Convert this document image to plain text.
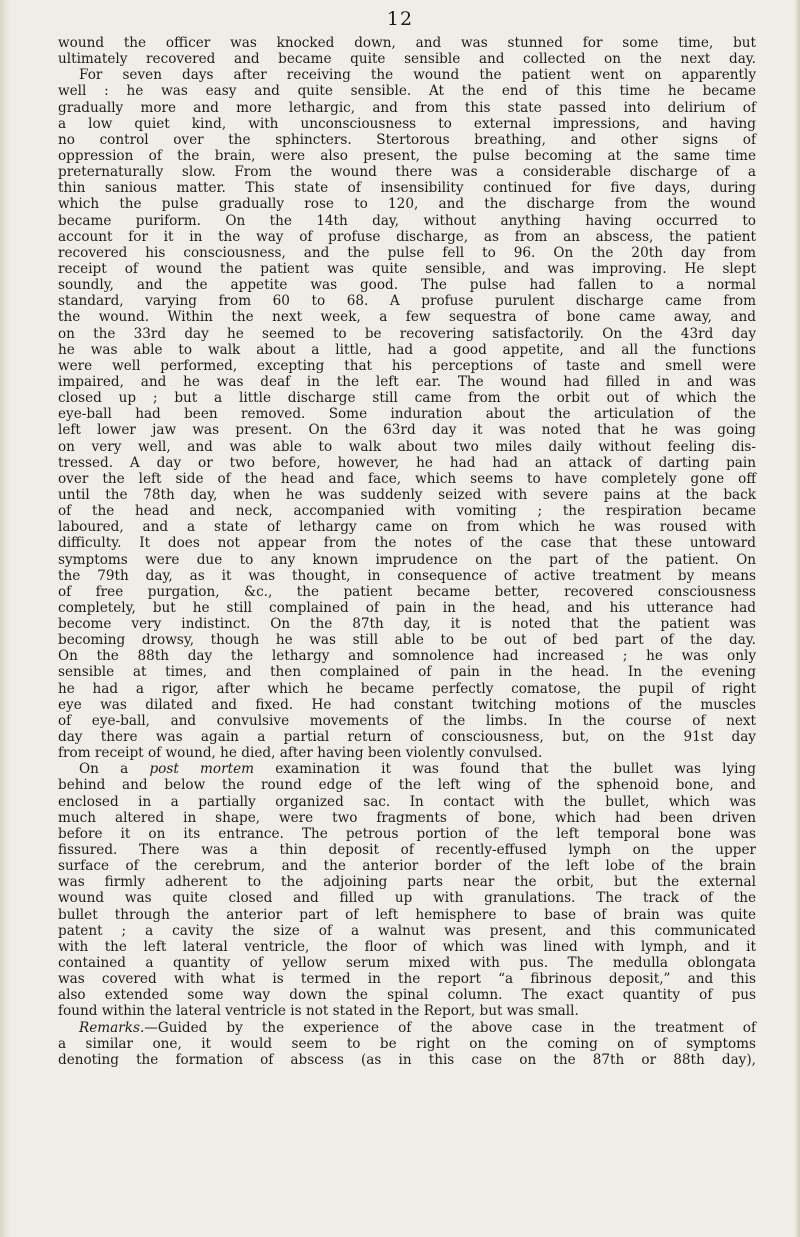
12
wound the officer was knocked down, and was stunned for some time, but
ultimately recovered and became quite sensible and collected on the next day.
For seven days after receiving the wound the patient went on apparently
well : he was easy and quite sensible. At the end of this time he became
gradually more and more lethargic, and from this state passed into delirium of
a low quiet kind, with unconsciousness to external impressions, and having
no control over the sphincters. Stertorous breathing, and other signs of
oppression of the brain, were also present, the pulse becoming at the same time
preternaturally slow. From the wound there was a considerable discharge of a
thin sanious matter. This state of insensibility continued for five days, during
which the pulse gradually rose to 120, and the discharge from the wound
became puriform. On the 14th day, without anything having occurred to
account for it in the way of profuse discharge, as from an abscess, the patient
recovered his consciousness, and the pulse fell to 96. On the 20th day from
receipt of wound the patient was quite sensible, and was improving. He slept
soundly, and the appetite was good. The pulse had fallen to a normal
standard, varying from 60 to 68. A profuse purulent discharge came from
the wound. Within the next week, a few sequestra of bone came away, and
on the 33rd day he seemed to be recovering satisfactorily. On the 43rd day
he was able to walk about a little, had a good appetite, and all the functions
were well performed, excepting that his perceptions of taste and smell were
impaired, and he was deaf in the left ear. The wound had filled in and was
closed up ; but a little discharge still came from the orbit out of which the
eye-ball had been removed. Some induration about the articulation of the
left lower jaw was present. On the 63rd day it was noted that he was going
on very well, and was able to walk about two miles daily without feeling dis-
tressed. A day or two before, however, he had had an attack of darting pain
over the left side of the head and face, which seems to have completely gone off
until the 78th day, when he was suddenly seized with severe pains at the back
of the head and neck, accompanied with vomiting ; the respiration became
laboured, and a state of lethargy came on from which he was roused with
difficulty. It does not appear from the notes of the case that these untoward
symptoms were due to any known imprudence on the part of the patient. On
the 79th day, as it was thought, in consequence of active treatment by means
of free purgation, &c., the patient became better, recovered consciousness
completely, but he still complained of pain in the head, and his utterance had
become very indistinct. On the 87th day, it is noted that the patient was
becoming drowsy, though he was still able to be out of bed part of the day.
On the 88th day the lethargy and somnolence had increased ; he was only
sensible at times, and then complained of pain in the head. In the evening
he had a rigor, after which he became perfectly comatose, the pupil of right
eye was dilated and fixed. He had constant twitching motions of the muscles
of eye-ball, and convulsive movements of the limbs. In the course of next
day there was again a partial return of consciousness, but, on the 91st day
from receipt of wound, he died, after having been violently convulsed.
On a post mortem examination it was found that the bullet was lying
behind and below the round edge of the left wing of the sphenoid bone, and
enclosed in a partially organized sac. In contact with the bullet, which was
much altered in shape, were two fragments of bone, which had been driven
before it on its entrance. The petrous portion of the left temporal bone was
fissured. There was a thin deposit of recently-effused lymph on the upper
surface of the cerebrum, and the anterior border of the left lobe of the brain
was firmly adherent to the adjoining parts near the orbit, but the external
wound was quite closed and filled up with granulations. The track of the
bullet through the anterior part of left hemisphere to base of brain was quite
patent ; a cavity the size of a walnut was present, and this communicated
with the left lateral ventricle, the floor of which was lined with lymph, and it
contained a quantity of yellow serum mixed with pus. The medulla oblongata
was covered with what is termed in the report “a fibrinous deposit,” and this
also extended some way down the spinal column. The exact quantity of pus
found within the lateral ventricle is not stated in the Report, but was small.
Remarks.—Guided by the experience of the above case in the treatment of
a similar one, it would seem to be right on the coming on of symptoms
denoting the formation of abscess (as in this case on the 87th or 88th day),
